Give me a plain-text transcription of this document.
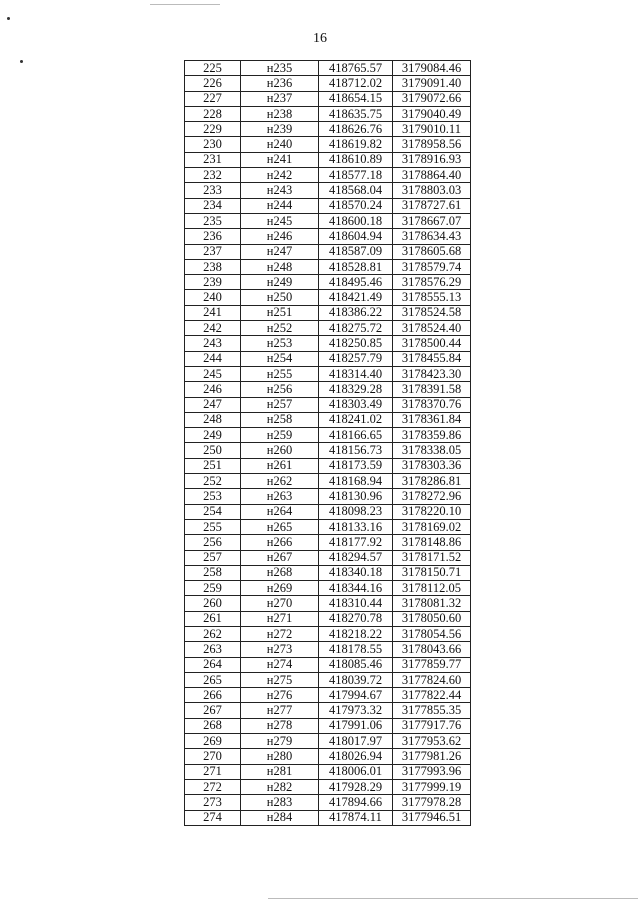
16
225	н235	418765.57	3179084.46
226	н236	418712.02	3179091.40
227	н237	418654.15	3179072.66
228	н238	418635.75	3179040.49
229	н239	418626.76	3179010.11
230	н240	418619.82	3178958.56
231	н241	418610.89	3178916.93
232	н242	418577.18	3178864.40
233	н243	418568.04	3178803.03
234	н244	418570.24	3178727.61
235	н245	418600.18	3178667.07
236	н246	418604.94	3178634.43
237	н247	418587.09	3178605.68
238	н248	418528.81	3178579.74
239	н249	418495.46	3178576.29
240	н250	418421.49	3178555.13
241	н251	418386.22	3178524.58
242	н252	418275.72	3178524.40
243	н253	418250.85	3178500.44
244	н254	418257.79	3178455.84
245	н255	418314.40	3178423.30
246	н256	418329.28	3178391.58
247	н257	418303.49	3178370.76
248	н258	418241.02	3178361.84
249	н259	418166.65	3178359.86
250	н260	418156.73	3178338.05
251	н261	418173.59	3178303.36
252	н262	418168.94	3178286.81
253	н263	418130.96	3178272.96
254	н264	418098.23	3178220.10
255	н265	418133.16	3178169.02
256	н266	418177.92	3178148.86
257	н267	418294.57	3178171.52
258	н268	418340.18	3178150.71
259	н269	418344.16	3178112.05
260	н270	418310.44	3178081.32
261	н271	418270.78	3178050.60
262	н272	418218.22	3178054.56
263	н273	418178.55	3178043.66
264	н274	418085.46	3177859.77
265	н275	418039.72	3177824.60
266	н276	417994.67	3177822.44
267	н277	417973.32	3177855.35
268	н278	417991.06	3177917.76
269	н279	418017.97	3177953.62
270	н280	418026.94	3177981.26
271	н281	418006.01	3177993.96
272	н282	417928.29	3177999.19
273	н283	417894.66	3177978.28
274	н284	417874.11	3177946.51
